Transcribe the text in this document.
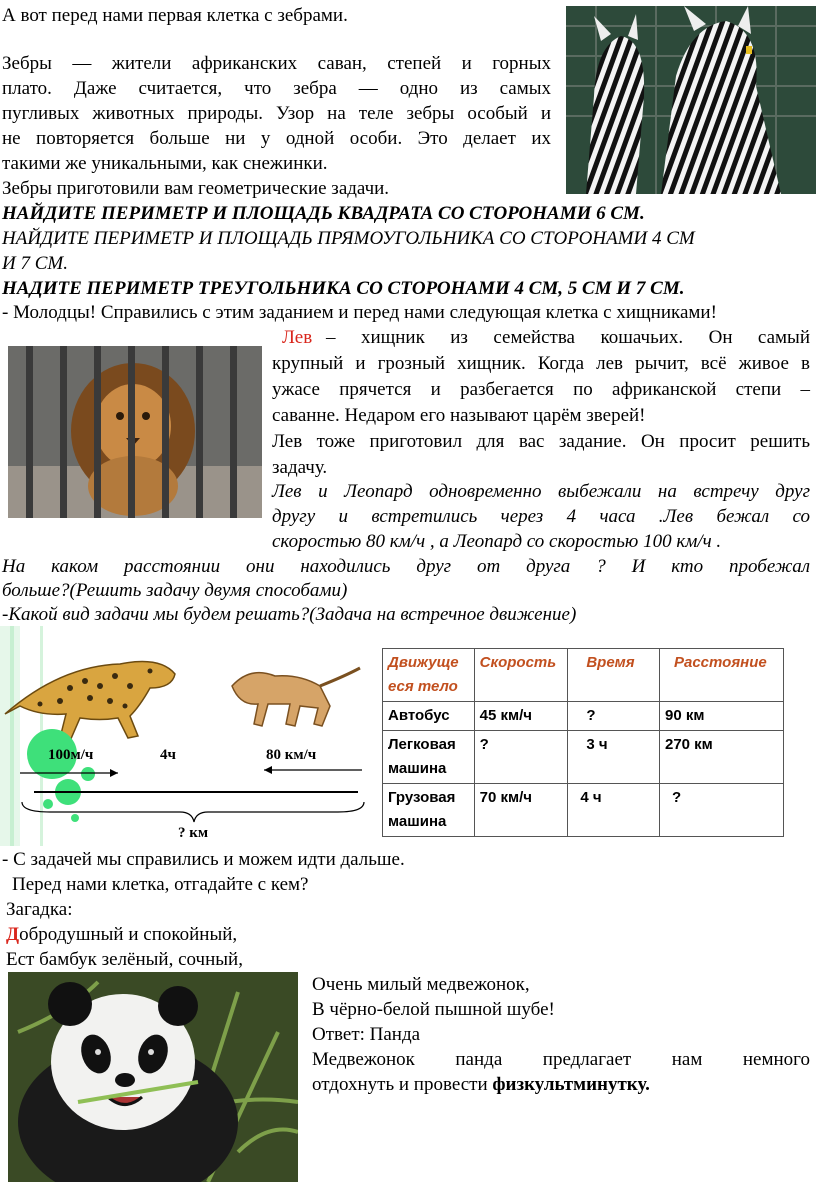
А вот перед нами первая клетка с зебрами.
Зебры — жители африканских саван, степей и горных
плато. Даже считается, что зебра — одно из самых
пугливых животных природы. Узор на теле зебры особый и
не повторяется больше ни у одной особи. Это делает их
такими же уникальными, как снежинки.
Зебры приготовили вам геометрические задачи.
НАЙДИТЕ ПЕРИМЕТР И ПЛОЩАДЬ КВАДРАТА СО СТОРОНАМИ 6 СМ.
НАЙДИТЕ ПЕРИМЕТР И ПЛОЩАДЬ ПРЯМОУГОЛЬНИКА СО СТОРОНАМИ 4 СМ
И 7 СМ.
НАДИТЕ ПЕРИМЕТР ТРЕУГОЛЬНИКА СО СТОРОНАМИ 4 СМ, 5 СМ И 7 СМ.
- Молодцы! Справились с этим заданием и перед нами следующая клетка с хищниками!
Лев – хищник из семейства кошачьих. Он самый
крупный и грозный хищник. Когда лев рычит, всё живое в
ужасе прячется и разбегается по африканской степи –
саванне. Недаром его называют царём зверей!
Лев тоже приготовил для вас задание. Он просит решить
задачу.
Лев и Леопард одновременно выбежали на встречу друг
другу и встретились через 4 часа .Лев бежал со
скоростью 80 км/ч , а Леопард со скоростью 100 км/ч .
На каком расстоянии они находились друг от друга ? И кто пробежал
больше?(Решить задачу двумя способами)
-Какой вид задачи мы будем решать?(Задача на встречное движение)
100м/ч	4ч	80 км/ч
? км
Движуще еся тело	Скорость	Время	Расстояние
Автобус	45 км/ч	?	90 км
Легковая машина	?	3 ч	270 км
Грузовая машина	70 км/ч	4 ч	?
- С задачей мы справились и можем идти дальше.
Перед нами клетка, отгадайте с кем?
Загадка:
Добродушный и спокойный,
Ест бамбук зелёный, сочный,
Очень милый медвежонок,
В чёрно-белой пышной шубе!
Ответ: Панда
Медвежонок панда предлагает нам немного
отдохнуть и провести физкультминутку.
